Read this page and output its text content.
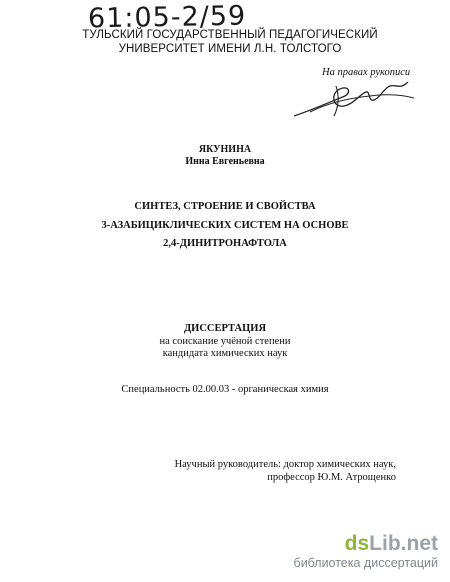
61:05-2/59
ТУЛЬСКИЙ ГОСУДАРСТВЕННЫЙ ПЕДАГОГИЧЕСКИЙ
УНИВЕРСИТЕТ ИМЕНИ Л.Н. ТОЛСТОГО
На правах рукописи
ЯКУНИНА
Инна Евгеньевна
СИНТЕЗ, СТРОЕНИЕ И СВОЙСТВА
3-АЗАБИЦИКЛИЧЕСКИХ СИСТЕМ НА ОСНОВЕ
2,4-ДИНИТРОНАФТОЛА
ДИССЕРТАЦИЯ
на соискание учёной степени
кандидата химических наук
Специальность 02.00.03 - органическая химия
Научный руководитель: доктор химических наук,
профессор Ю.М. Атрощенко
dsLib.net
библиотека диссертаций
